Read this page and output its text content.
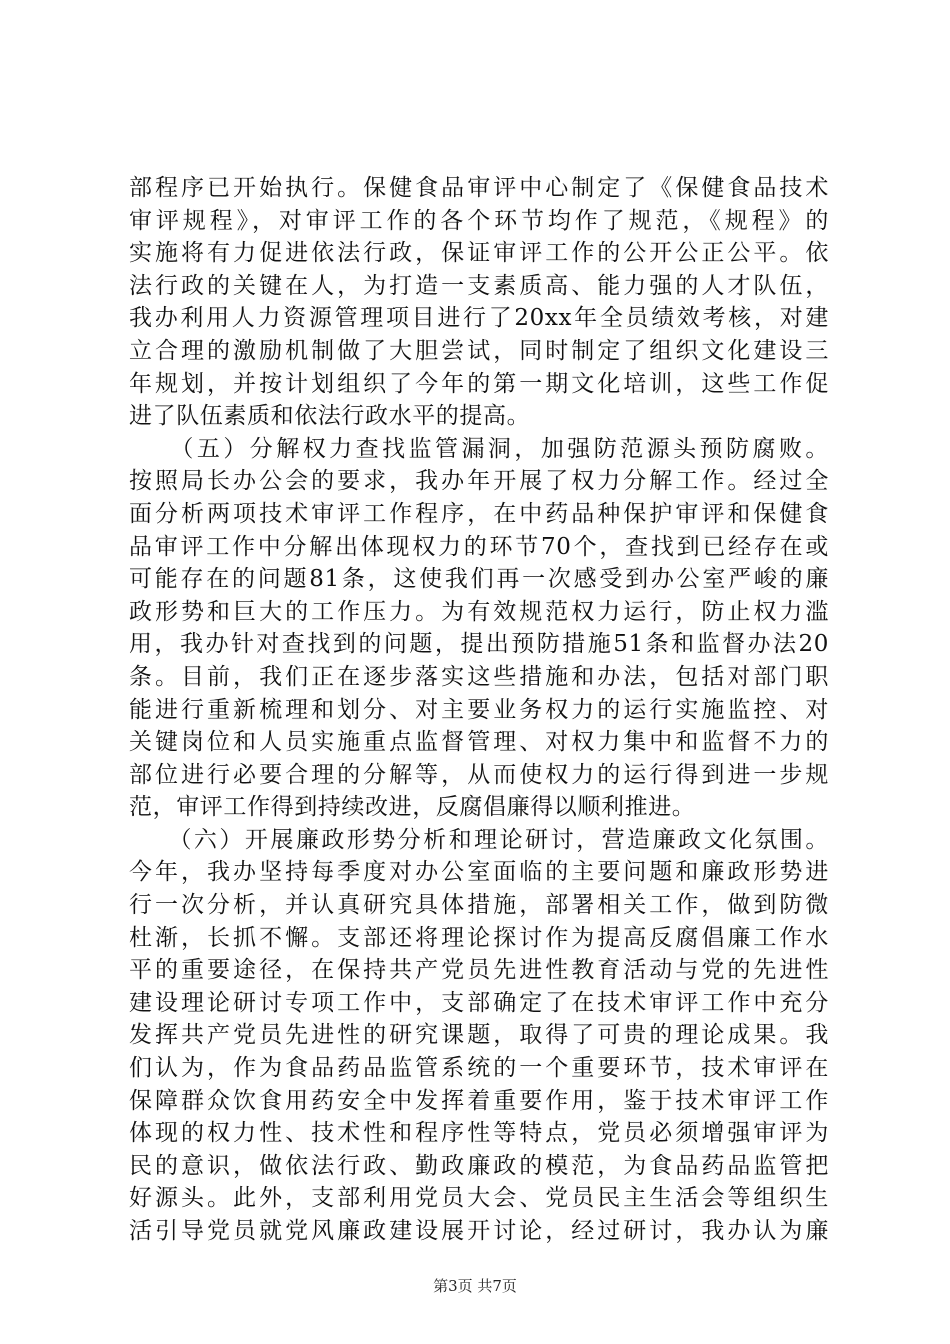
部程序已开始执行。保健食品审评中心制定了《保健食品技术
审评规程》，对审评工作的各个环节均作了规范，《规程》的
实施将有力促进依法行政，保证审评工作的公开公正公平。依
法行政的关键在人，为打造一支素质高、能力强的人才队伍，
我办利用人力资源管理项目进行了20xx年全员绩效考核，对建
立合理的激励机制做了大胆尝试，同时制定了组织文化建设三
年规划，并按计划组织了今年的第一期文化培训，这些工作促
进了队伍素质和依法行政水平的提高。
　　（五）分解权力查找监管漏洞，加强防范源头预防腐败。
按照局长办公会的要求，我办年开展了权力分解工作。经过全
面分析两项技术审评工作程序，在中药品种保护审评和保健食
品审评工作中分解出体现权力的环节70个，查找到已经存在或
可能存在的问题81条，这使我们再一次感受到办公室严峻的廉
政形势和巨大的工作压力。为有效规范权力运行，防止权力滥
用，我办针对查找到的问题，提出预防措施51条和监督办法20
条。目前，我们正在逐步落实这些措施和办法，包括对部门职
能进行重新梳理和划分、对主要业务权力的运行实施监控、对
关键岗位和人员实施重点监督管理、对权力集中和监督不力的
部位进行必要合理的分解等，从而使权力的运行得到进一步规
范，审评工作得到持续改进，反腐倡廉得以顺利推进。
　　（六）开展廉政形势分析和理论研讨，营造廉政文化氛围。
今年，我办坚持每季度对办公室面临的主要问题和廉政形势进
行一次分析，并认真研究具体措施，部署相关工作，做到防微
杜渐，长抓不懈。支部还将理论探讨作为提高反腐倡廉工作水
平的重要途径，在保持共产党员先进性教育活动与党的先进性
建设理论研讨专项工作中，支部确定了在技术审评工作中充分
发挥共产党员先进性的研究课题，取得了可贵的理论成果。我
们认为，作为食品药品监管系统的一个重要环节，技术审评在
保障群众饮食用药安全中发挥着重要作用，鉴于技术审评工作
体现的权力性、技术性和程序性等特点，党员必须增强审评为
民的意识，做依法行政、勤政廉政的模范，为食品药品监管把
好源头。此外，支部利用党员大会、党员民主生活会等组织生
活引导党员就党风廉政建设展开讨论，经过研讨，我办认为廉
第3页 共7页
